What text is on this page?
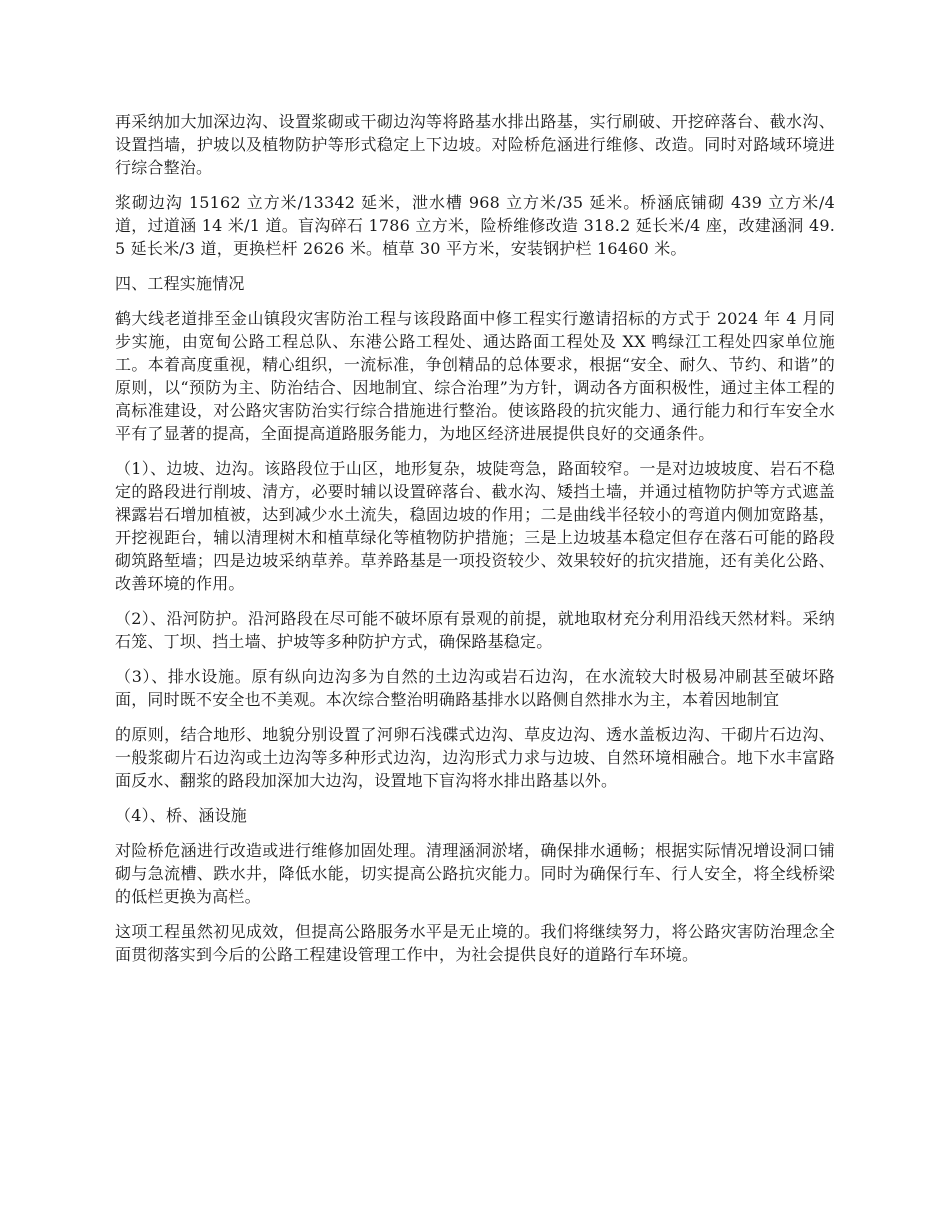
再采纳加大加深边沟、设置浆砌或干砌边沟等将路基水排出路基，实行刷破、开挖碎落台、截水沟、设置挡墙，护坡以及植物防护等形式稳定上下边坡。对险桥危涵进行维修、改造。同时对路域环境进行综合整治。

浆砌边沟 15162 立方米/13342 延米，泄水槽 968 立方米/35 延米。桥涵底铺砌 439 立方米/4 道，过道涵 14 米/1 道。盲沟碎石 1786 立方米，险桥维修改造 318.2 延长米/4 座，改建涵洞 49.5 延长米/3 道，更换栏杆 2626 米。植草 30 平方米，安装钢护栏 16460 米。

四、工程实施情况

鹤大线老道排至金山镇段灾害防治工程与该段路面中修工程实行邀请招标的方式于 2024 年 4 月同步实施，由宽甸公路工程总队、东港公路工程处、通达路面工程处及 XX 鸭绿江工程处四家单位施工。本着高度重视，精心组织，一流标准，争创精品的总体要求，根据“安全、耐久、节约、和谐”的原则，以“预防为主、防治结合、因地制宜、综合治理”为方针，调动各方面积极性，通过主体工程的高标准建设，对公路灾害防治实行综合措施进行整治。使该路段的抗灾能力、通行能力和行车安全水平有了显著的提高，全面提高道路服务能力，为地区经济进展提供良好的交通条件。

（1）、边坡、边沟。该路段位于山区，地形复杂，坡陡弯急，路面较窄。一是对边坡坡度、岩石不稳定的路段进行削坡、清方，必要时辅以设置碎落台、截水沟、矮挡土墙，并通过植物防护等方式遮盖裸露岩石增加植被，达到减少水土流失，稳固边坡的作用；二是曲线半径较小的弯道内侧加宽路基，开挖视距台，辅以清理树木和植草绿化等植物防护措施；三是上边坡基本稳定但存在落石可能的路段砌筑路堑墙；四是边坡采纳草养。草养路基是一项投资较少、效果较好的抗灾措施，还有美化公路、改善环境的作用。

（2）、沿河防护。沿河路段在尽可能不破坏原有景观的前提，就地取材充分利用沿线天然材料。采纳石笼、丁坝、挡土墙、护坡等多种防护方式，确保路基稳定。

（3）、排水设施。原有纵向边沟多为自然的土边沟或岩石边沟，在水流较大时极易冲刷甚至破坏路面，同时既不安全也不美观。本次综合整治明确路基排水以路侧自然排水为主，本着因地制宜

的原则，结合地形、地貌分别设置了河卵石浅碟式边沟、草皮边沟、透水盖板边沟、干砌片石边沟、一般浆砌片石边沟或土边沟等多种形式边沟，边沟形式力求与边坡、自然环境相融合。地下水丰富路面反水、翻浆的路段加深加大边沟，设置地下盲沟将水排出路基以外。

（4）、桥、涵设施

对险桥危涵进行改造或进行维修加固处理。清理涵洞淤堵，确保排水通畅；根据实际情况增设洞口铺砌与急流槽、跌水井，降低水能，切实提高公路抗灾能力。同时为确保行车、行人安全，将全线桥梁的低栏更换为高栏。

这项工程虽然初见成效，但提高公路服务水平是无止境的。我们将继续努力，将公路灾害防治理念全面贯彻落实到今后的公路工程建设管理工作中，为社会提供良好的道路行车环境。
